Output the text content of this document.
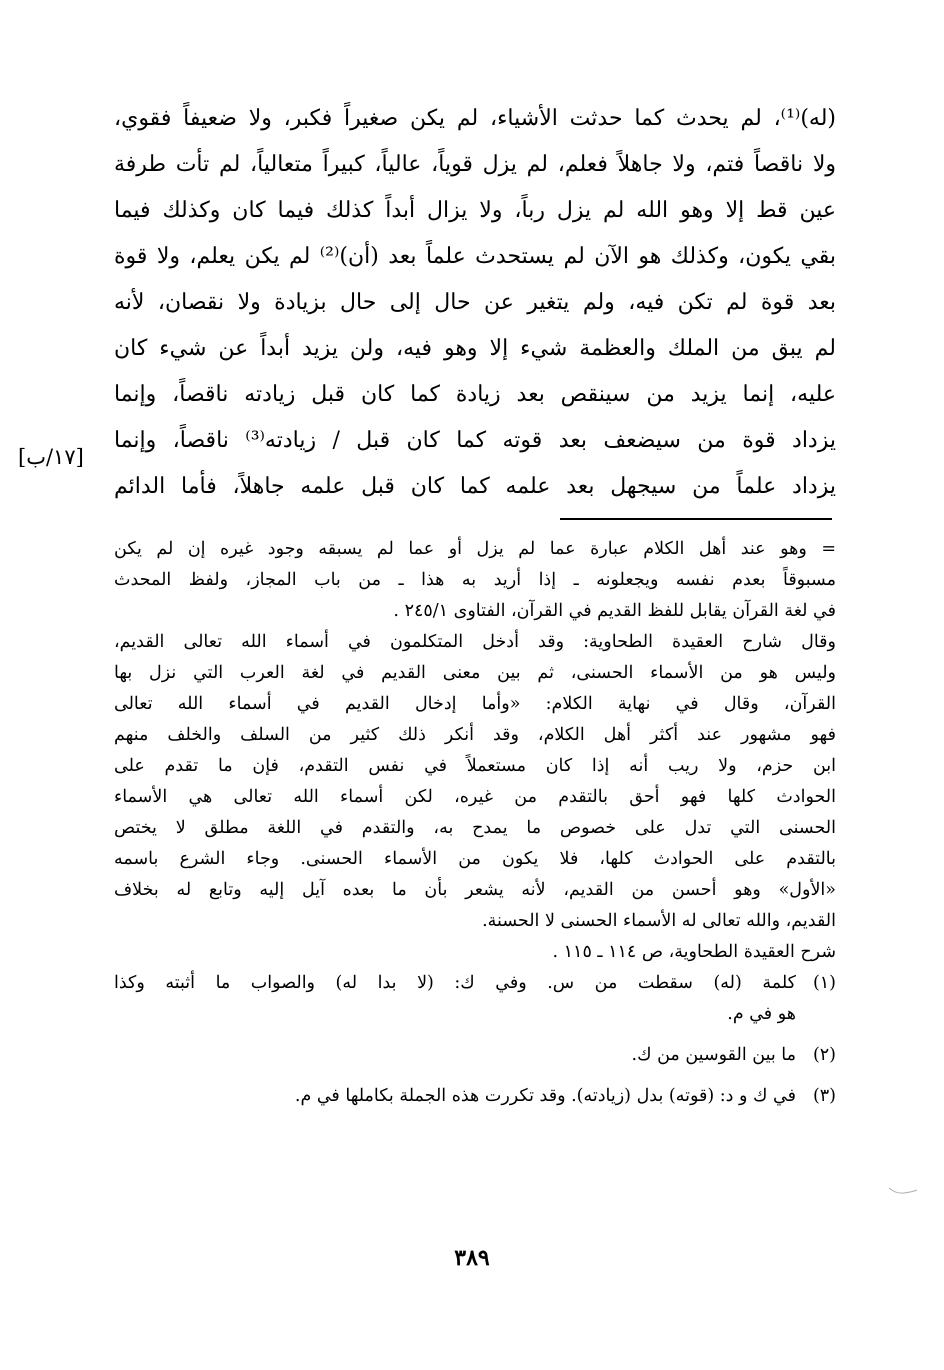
(له)⁽¹⁾، لم يحدث كما حدثت الأشياء، لم يكن صغيراً فكبر، ولا ضعيفاً فقوي،
ولا ناقصاً فتم، ولا جاهلاً فعلم، لم يزل قوياً، عالياً، كبيراً متعالياً، لم تأت طرفة
عين قط إلا وهو الله لم يزل رباً، ولا يزال أبداً كذلك فيما كان وكذلك فيما
بقي يكون، وكذلك هو الآن لم يستحدث علماً بعد (أن)⁽²⁾ لم يكن يعلم، ولا قوة
بعد قوة لم تكن فيه، ولم يتغير عن حال إلى حال بزيادة ولا نقصان، لأنه
لم يبق من الملك والعظمة شيء إلا وهو فيه، ولن يزيد أبداً عن شيء كان
عليه، إنما يزيد من سينقص بعد زيادة كما كان قبل زيادته ناقصاً، وإنما
يزداد قوة من سيضعف بعد قوته كما كان قبل / زيادته⁽³⁾ ناقصاً، وإنما
يزداد علماً من سيجهل بعد علمه كما كان قبل علمه جاهلاً، فأما الدائم
[١٧/ب]
= وهو عند أهل الكلام عبارة عما لم يزل أو عما لم يسبقه وجود غيره إن لم يكن
مسبوقاً بعدم نفسه ويجعلونه ـ إذا أريد به هذا ـ من باب المجاز، ولفظ المحدث
في لغة القرآن يقابل للفظ القديم في القرآن، الفتاوى ٢٤٥/١ .
وقال شارح العقيدة الطحاوية: وقد أدخل المتكلمون في أسماء الله تعالى القديم،
وليس هو من الأسماء الحسنى، ثم بين معنى القديم في لغة العرب التي نزل بها
القرآن، وقال في نهاية الكلام: «وأما إدخال القديم في أسماء الله تعالى
فهو مشهور عند أكثر أهل الكلام، وقد أنكر ذلك كثير من السلف والخلف منهم
ابن حزم، ولا ريب أنه إذا كان مستعملاً في نفس التقدم، فإن ما تقدم على
الحوادث كلها فهو أحق بالتقدم من غيره، لكن أسماء الله تعالى هي الأسماء
الحسنى التي تدل على خصوص ما يمدح به، والتقدم في اللغة مطلق لا يختص
بالتقدم على الحوادث كلها، فلا يكون من الأسماء الحسنى. وجاء الشرع باسمه
«الأول» وهو أحسن من القديم، لأنه يشعر بأن ما بعده آيل إليه وتابع له بخلاف
القديم، والله تعالى له الأسماء الحسنى لا الحسنة.
شرح العقيدة الطحاوية، ص ١١٤ ـ ١١٥ .
(١)كلمة (له) سقطت من س. وفي ك: (لا بدا له) والصواب ما أثبته وكذا
هو في م.
(٢)ما بين القوسين من ك.
(٣)في ك و د: (قوته) بدل (زيادته). وقد تكررت هذه الجملة بكاملها في م.
٣٨٩
